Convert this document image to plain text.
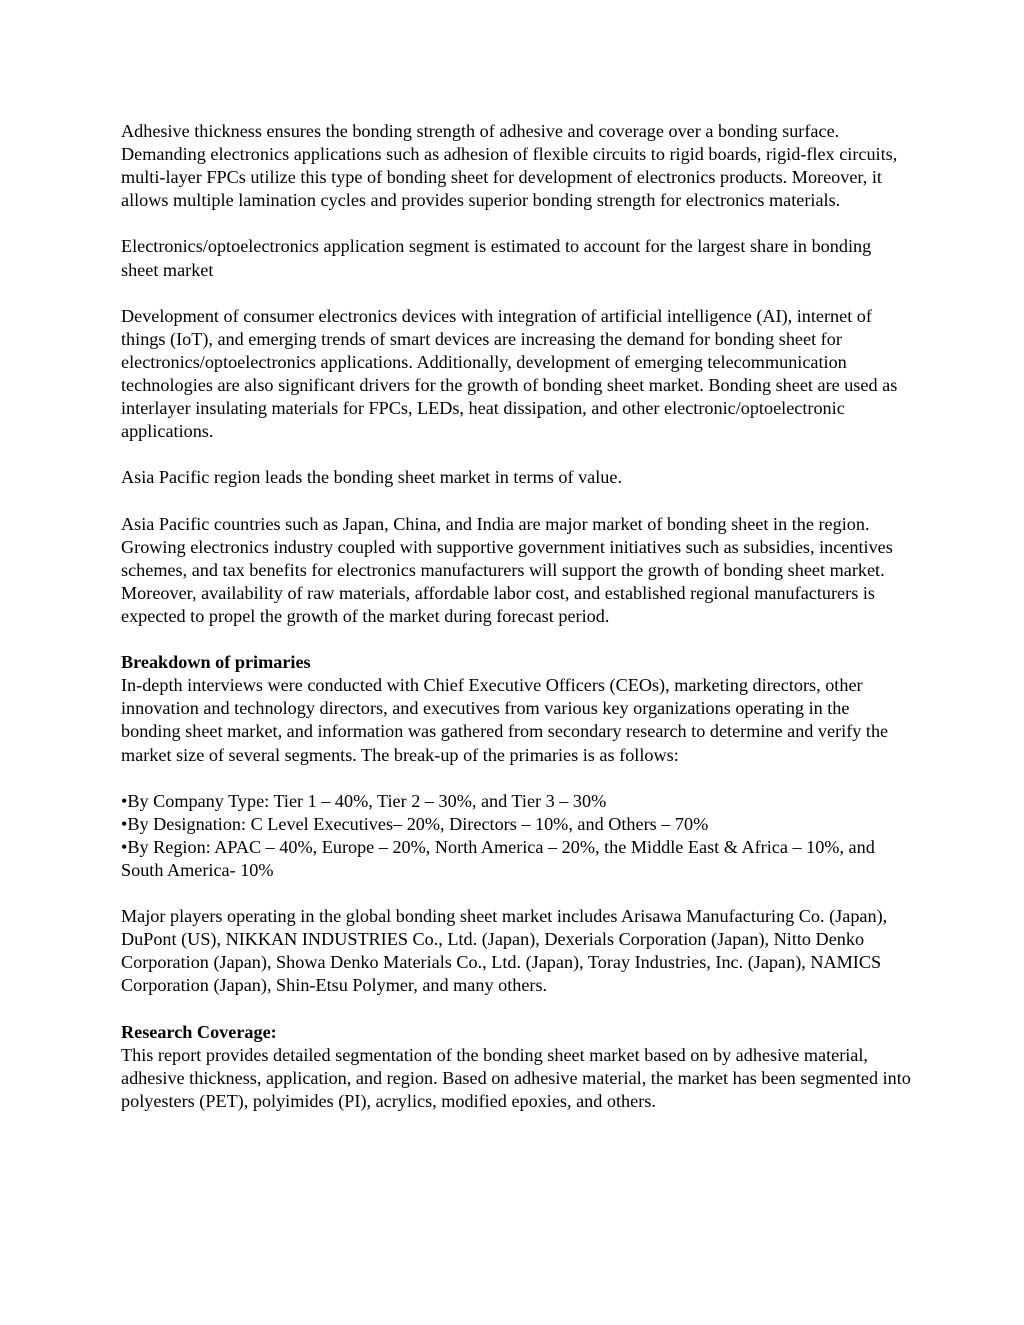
Adhesive thickness ensures the bonding strength of adhesive and coverage over a bonding surface. Demanding electronics applications such as adhesion of flexible circuits to rigid boards, rigid-flex circuits, multi-layer FPCs utilize this type of bonding sheet for development of electronics products. Moreover, it allows multiple lamination cycles and provides superior bonding strength for electronics materials.

Electronics/optoelectronics application segment is estimated to account for the largest share in bonding sheet market

Development of consumer electronics devices with integration of artificial intelligence (AI), internet of things (IoT), and emerging trends of smart devices are increasing the demand for bonding sheet for electronics/optoelectronics applications. Additionally, development of emerging telecommunication technologies are also significant drivers for the growth of bonding sheet market. Bonding sheet are used as interlayer insulating materials for FPCs, LEDs, heat dissipation, and other electronic/optoelectronic applications.

Asia Pacific region leads the bonding sheet market in terms of value.

Asia Pacific countries such as Japan, China, and India are major market of bonding sheet in the region. Growing electronics industry coupled with supportive government initiatives such as subsidies, incentives schemes, and tax benefits for electronics manufacturers will support the growth of bonding sheet market. Moreover, availability of raw materials, affordable labor cost, and established regional manufacturers is expected to propel the growth of the market during forecast period.

Breakdown of primaries

In-depth interviews were conducted with Chief Executive Officers (CEOs), marketing directors, other innovation and technology directors, and executives from various key organizations operating in the bonding sheet market, and information was gathered from secondary research to determine and verify the market size of several segments. The break-up of the primaries is as follows:

•By Company Type: Tier 1 – 40%, Tier 2 – 30%, and Tier 3 – 30%
•By Designation: C Level Executives– 20%, Directors – 10%, and Others – 70%
•By Region: APAC – 40%, Europe – 20%, North America – 20%, the Middle East & Africa – 10%, and South America- 10%

Major players operating in the global bonding sheet market includes Arisawa Manufacturing Co. (Japan), DuPont (US), NIKKAN INDUSTRIES Co., Ltd. (Japan), Dexerials Corporation (Japan), Nitto Denko Corporation (Japan), Showa Denko Materials Co., Ltd. (Japan), Toray Industries, Inc. (Japan), NAMICS Corporation (Japan), Shin-Etsu Polymer, and many others.

Research Coverage:

This report provides detailed segmentation of the bonding sheet market based on by adhesive material, adhesive thickness, application, and region. Based on adhesive material, the market has been segmented into polyesters (PET), polyimides (PI), acrylics, modified epoxies, and others.
